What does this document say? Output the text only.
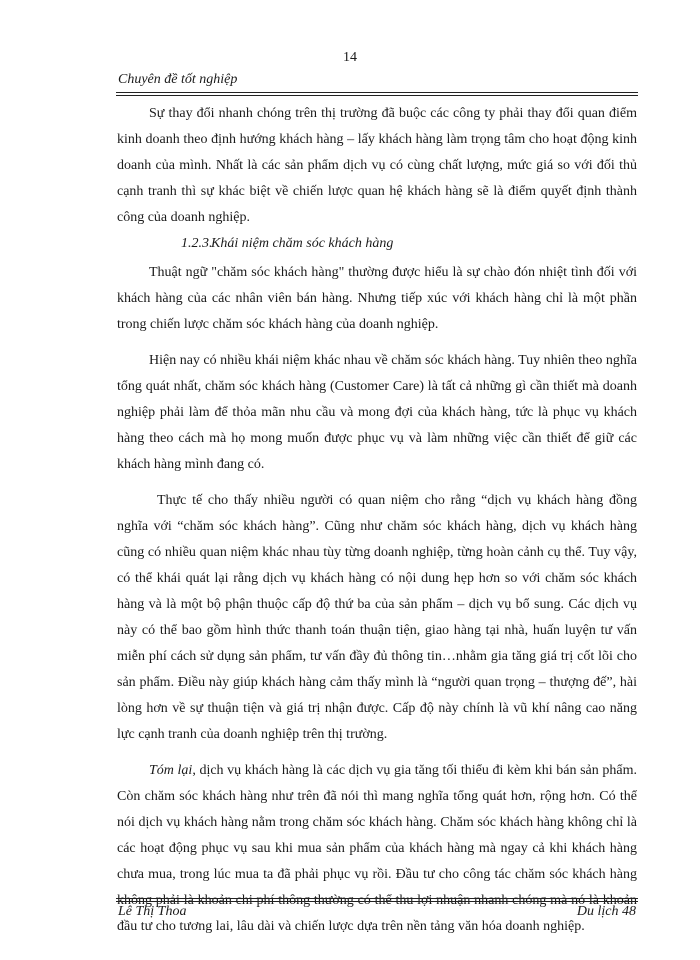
14
Chuyên đề tốt nghiệp

Sự thay đổi nhanh chóng trên thị trường đã buộc các công ty phải thay đổi quan điểm kinh doanh theo định hướng khách hàng – lấy khách hàng làm trọng tâm cho hoạt động kinh doanh của mình. Nhất là các sản phẩm dịch vụ có cùng chất lượng, mức giá so với đối thủ cạnh tranh thì sự khác biệt về chiến lược quan hệ khách hàng sẽ là điểm quyết định thành công của doanh nghiệp.

1.2.3.Khái niệm chăm sóc khách hàng

Thuật ngữ "chăm sóc khách hàng" thường được hiểu là sự chào đón nhiệt tình đối với khách hàng của các nhân viên bán hàng. Nhưng tiếp xúc với khách hàng chỉ là một phần trong chiến lược chăm sóc khách hàng của doanh nghiệp.

Hiện nay có nhiều khái niệm khác nhau về chăm sóc khách hàng. Tuy nhiên theo nghĩa tổng quát nhất, chăm sóc khách hàng (Customer Care) là tất cả những gì cần thiết mà doanh nghiệp phải làm để thỏa mãn nhu cầu và mong đợi của khách hàng, tức là phục vụ khách hàng theo cách mà họ mong muốn được phục vụ và làm những việc cần thiết để giữ các khách hàng mình đang có.

Thực tế cho thấy nhiều người có quan niệm cho rằng “dịch vụ khách hàng đồng nghĩa với “chăm sóc khách hàng”. Cũng như chăm sóc khách hàng, dịch vụ khách hàng cũng có nhiều quan niệm khác nhau tùy từng doanh nghiệp, từng hoàn cảnh cụ thể. Tuy vậy, có thể khái quát lại rằng dịch vụ khách hàng có nội dung hẹp hơn so với chăm sóc khách hàng và là một bộ phận thuộc cấp độ thứ ba của sản phẩm – dịch vụ bổ sung. Các dịch vụ này có thể bao gồm hình thức thanh toán thuận tiện, giao hàng tại nhà, huấn luyện tư vấn miễn phí cách sử dụng sản phẩm, tư vấn đầy đủ thông tin…nhằm gia tăng giá trị cốt lõi cho sản phẩm. Điều này giúp khách hàng cảm thấy mình là “người quan trọng – thượng đế”, hài lòng hơn về sự thuận tiện và giá trị nhận được. Cấp độ này chính là vũ khí nâng cao năng lực cạnh tranh của doanh nghiệp trên thị trường.

Tóm lại, dịch vụ khách hàng là các dịch vụ gia tăng tối thiểu đi kèm khi bán sản phẩm. Còn chăm sóc khách hàng như trên đã nói thì mang nghĩa tổng quát hơn, rộng hơn. Có thể nói dịch vụ khách hàng nằm trong chăm sóc khách hàng. Chăm sóc khách hàng không chỉ là các hoạt động phục vụ sau khi mua sản phẩm của khách hàng mà ngay cả khi khách hàng chưa mua, trong lúc mua ta đã phải phục vụ rồi. Đầu tư cho công tác chăm sóc khách hàng không phải là khoản chi phí thông thường có thể thu lợi nhuận nhanh chóng mà nó là khoản đầu tư cho tương lai, lâu dài và chiến lược dựa trên nền tảng văn hóa doanh nghiệp.

Lê Thị Thoa	Du lịch 48
